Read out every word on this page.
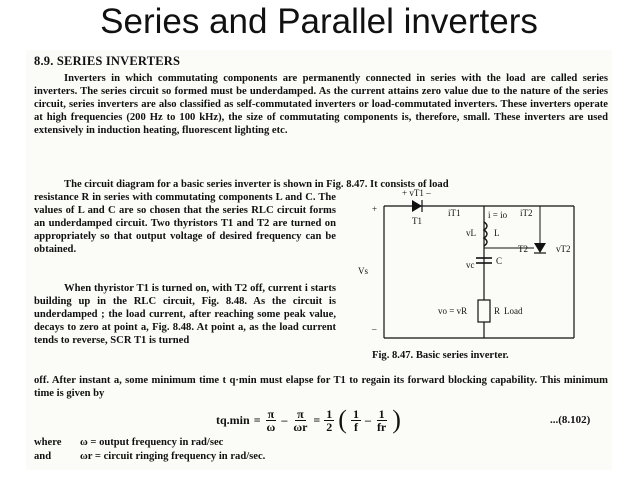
Series and Parallel inverters
8.9. SERIES INVERTERS
Inverters in which commutating components are permanently connected in series with the load are called series inverters. The series circuit so formed must be underdamped. As the current attains zero value due to the nature of the series circuit, series inverters are also classified as self-commutated inverters or load-commutated inverters. These inverters operate at high frequencies (200 Hz to 100 kHz), the size of commutating components is, therefore, small. These inverters are used extensively in induction heating, fluorescent lighting etc.
The circuit diagram for a basic series inverter is shown in Fig. 8.47. It consists of load
resistance R in series with commutating components L and C. The values of L and C are so chosen that the series RLC circuit forms an underdamped circuit. Two thyristors T1 and T2 are turned on appropriately so that output voltage of desired frequency can be obtained.
When thyristor T1 is turned on, with T2 off, current i starts building up in the RLC circuit, Fig. 8.48. As the circuit is underdamped ; the load current, after reaching some peak value, decays to zero at point a, Fig. 8.48. At point a, as the load current tends to reverse, SCR T1 is turned
off. After instant a, some minimum time t q·min must elapse for T1 to regain its forward blocking capability. This minimum time is given by
+ vT1 –
iT1	iT2
T1
T2	vT2
vL L
i = io
vc C
Vs
vo = vR	R Load
+
–
Fig. 8.47. Basic series inverter.
$tq.\min = \frac{\pi}{\omega} - \frac{\pi}{\omega r} = \frac{1}{2}$ ( $\frac{1}{f} - \frac{1}{fr}$ )	...(8.102)
where	ω = output frequency in rad/sec
and	ωr = circuit ringing frequency in rad/sec.
